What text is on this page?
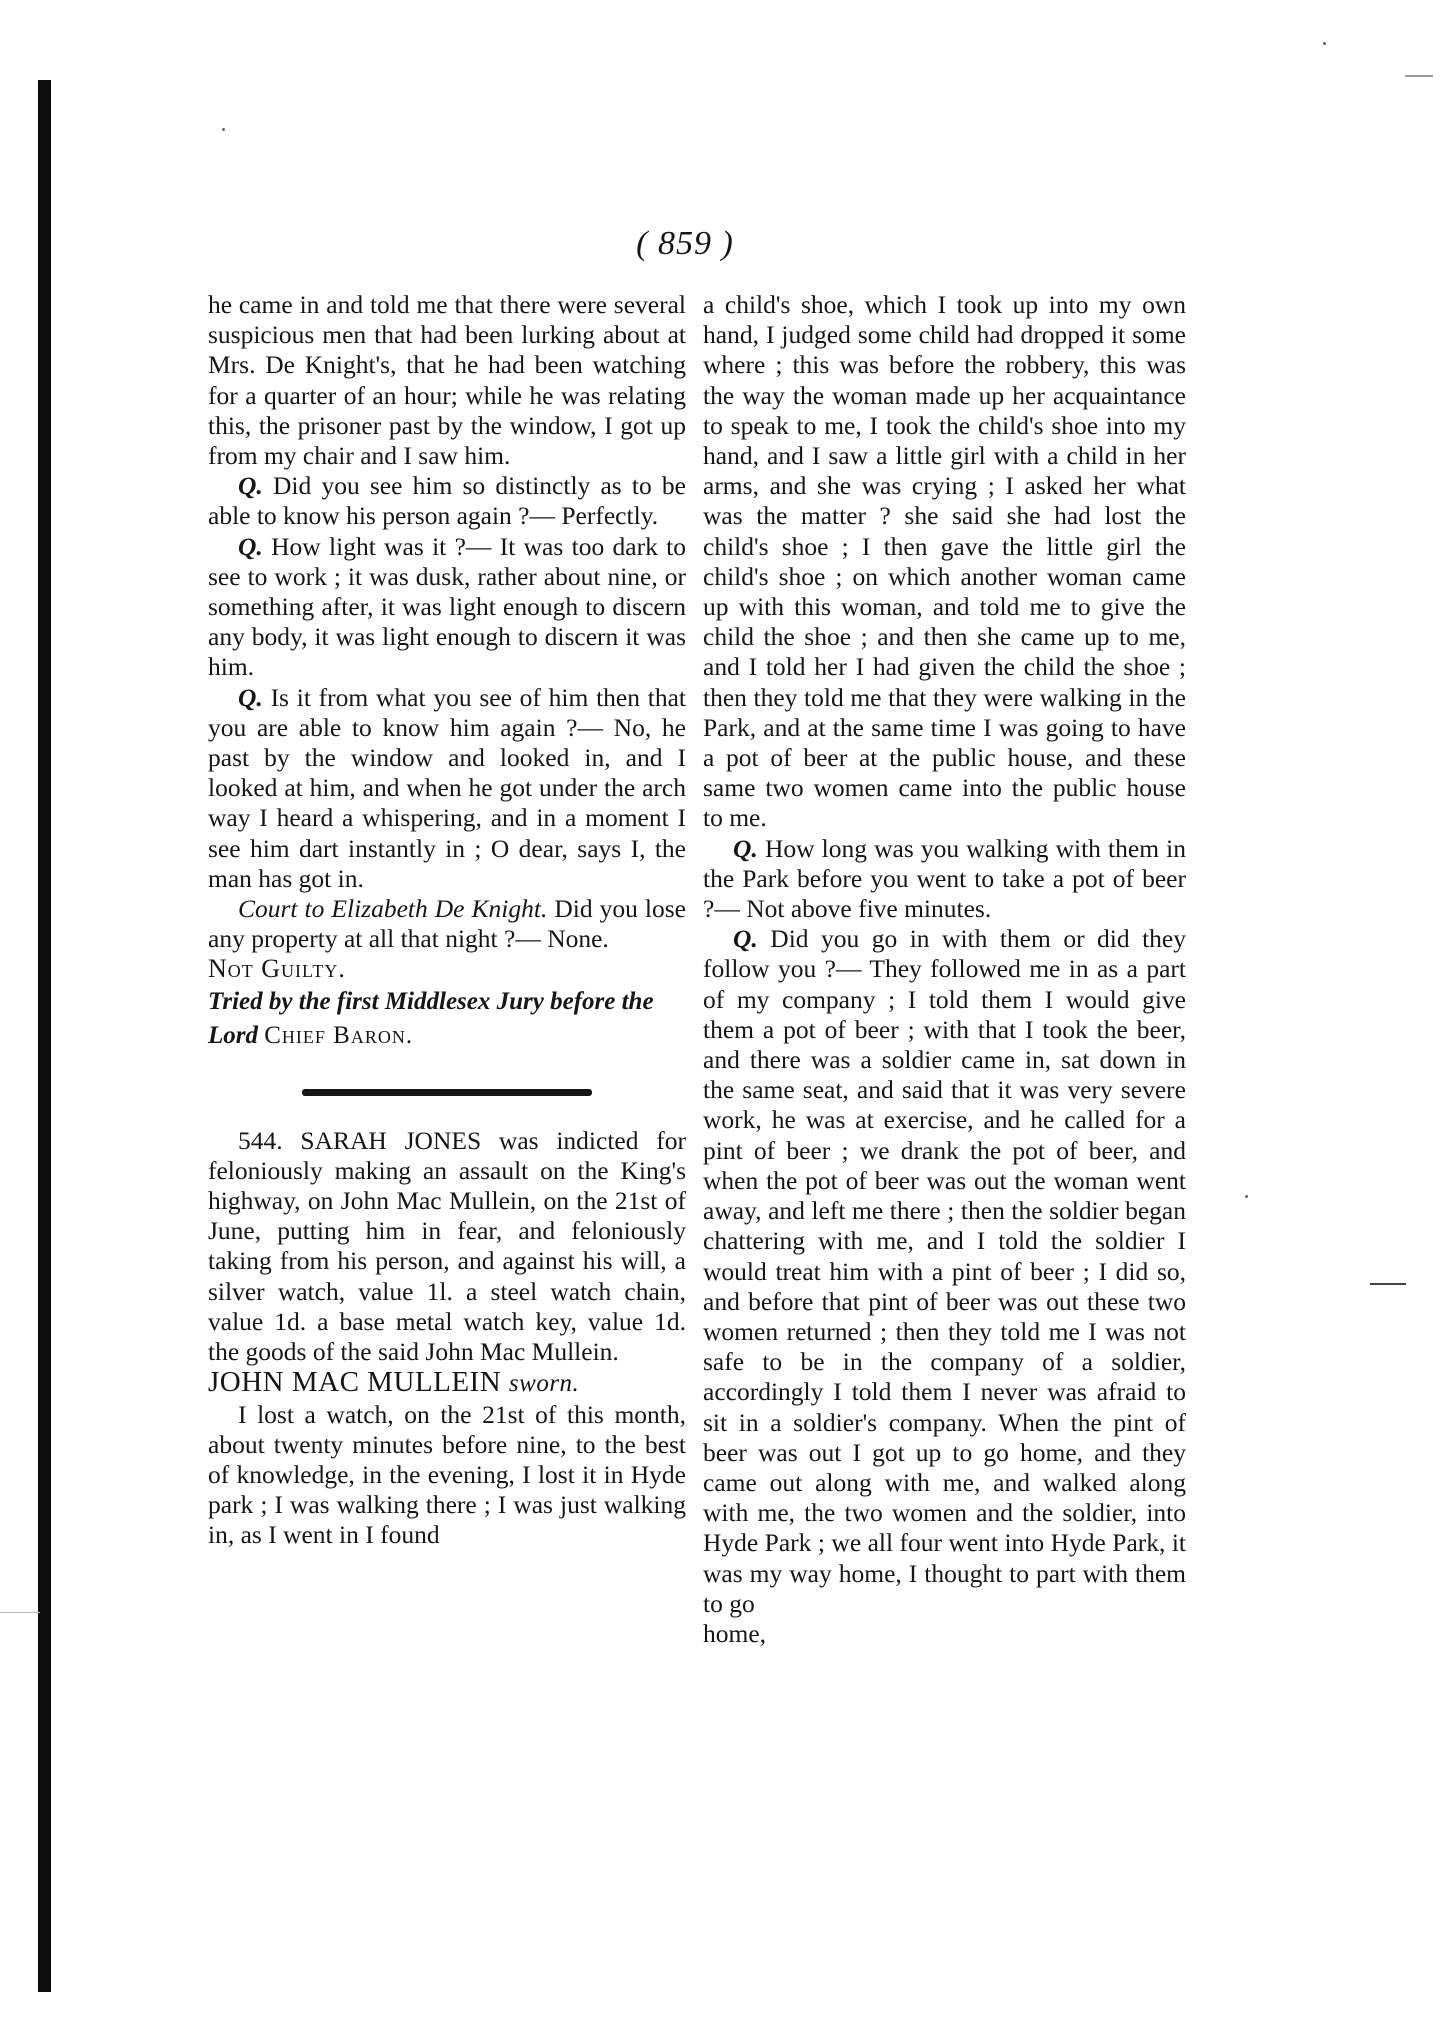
( 859 )

he came in and told me that there were several suspicious men that had been lurking about at Mrs. De Knight's, that he had been watching for a quarter of an hour; while he was relating this, the prisoner past by the window, I got up from my chair and I saw him.

Q. Did you see him so distinctly as to be able to know his person again ?— Perfectly.

Q. How light was it ?— It was too dark to see to work ; it was dusk, rather about nine, or something after, it was light enough to discern any body, it was light enough to discern it was him.

Q. Is it from what you see of him then that you are able to know him again ?— No, he past by the window and looked in, and I looked at him, and when he got under the arch way I heard a whispering, and in a moment I see him dart instantly in ; O dear, says I, the man has got in.

Court to Elizabeth De Knight. Did you lose any property at all that night ?— None.

Not Guilty.

Tried by the first Middlesex Jury before the
Lord Chief Baron.

544. SARAH JONES was indicted for feloniously making an assault on the King's highway, on John Mac Mullein, on the 21st of June, putting him in fear, and feloniously taking from his person, and against his will, a silver watch, value 1l. a steel watch chain, value 1d. a base metal watch key, value 1d. the goods of the said John Mac Mullein.

JOHN MAC MULLEIN sworn.

I lost a watch, on the 21st of this month, about twenty minutes before nine, to the best of knowledge, in the evening, I lost it in Hyde park ; I was walking there ; I was just walking in, as I went in I found

a child's shoe, which I took up into my own hand, I judged some child had dropped it some where ; this was before the robbery, this was the way the woman made up her acquaintance to speak to me, I took the child's shoe into my hand, and I saw a little girl with a child in her arms, and she was crying ; I asked her what was the matter ? she said she had lost the child's shoe ; I then gave the little girl the child's shoe ; on which another woman came up with this woman, and told me to give the child the shoe ; and then she came up to me, and I told her I had given the child the shoe ; then they told me that they were walking in the Park, and at the same time I was going to have a pot of beer at the public house, and these same two women came into the public house to me.

Q. How long was you walking with them in the Park before you went to take a pot of beer ?— Not above five minutes.

Q. Did you go in with them or did they follow you ?— They followed me in as a part of my company ; I told them I would give them a pot of beer ; with that I took the beer, and there was a soldier came in, sat down in the same seat, and said that it was very severe work, he was at exercise, and he called for a pint of beer ; we drank the pot of beer, and when the pot of beer was out the woman went away, and left me there ; then the soldier began chattering with me, and I told the soldier I would treat him with a pint of beer ; I did so, and before that pint of beer was out these two women returned ; then they told me I was not safe to be in the company of a soldier, accordingly I told them I never was afraid to sit in a soldier's company. When the pint of beer was out I got up to go home, and they came out along with me, and walked along with me, the two women and the soldier, into Hyde Park ; we all four went into Hyde Park, it was my way home, I thought to part with them to go

home,
